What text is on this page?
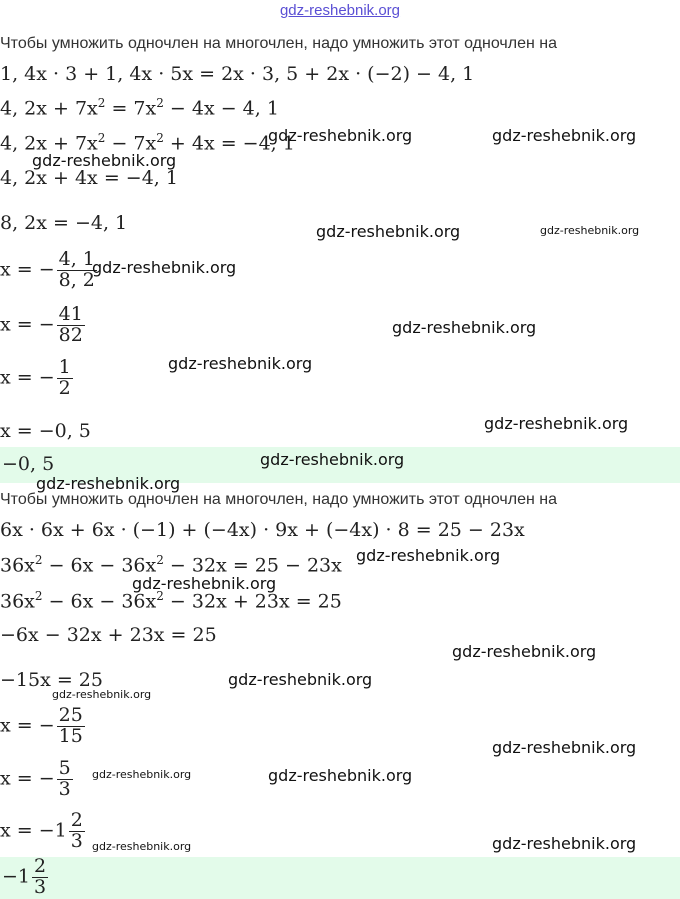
gdz-reshebnik.org
Чтобы умножить одночлен на многочлен, надо умножить этот одночлен на
1, 4x · 3 + 1, 4x · 5x = 2x · 3, 5 + 2x · (−2) − 4, 1
4, $2x + 7x^2 = 7x^2 - 4x - 4$, 1
4, $2x + 7x^2 - 7x^2 + 4x = -4$, 1
4, 2x + 4x = −4, 1
8, 2x = −4, 1
x = − $\frac{4, 1}{8, 2}$
x = − $\frac{41}{82}$
x = − $\frac{1}{2}$
x = −0, 5
−0, 5
Чтобы умножить одночлен на многочлен, надо умножить этот одночлен на
6x · 6x + 6x · (−1) + (−4x) · 9x + (−4x) · 8 = 25 − 23x
$36x^2 - 6x - 36x^2 - 32x = 25 - 23x$
$36x^2 - 6x - 36x^2 - 32x + 23x = 25$
−6x − 32x + 23x = 25
−15x = 25
x = − $\frac{25}{15}$
x = − $\frac{5}{3}$
$x = -1 \frac{2}{3}$
$-1 \frac{2}{3}$
gdz-reshebnik.org	gdz-reshebnik.org
gdz-reshebnik.org
gdz-reshebnik.org	gdz-reshebnik.org
gdz-reshebnik.org
gdz-reshebnik.org
gdz-reshebnik.org
gdz-reshebnik.org
gdz-reshebnik.org
gdz-reshebnik.org
gdz-reshebnik.org
gdz-reshebnik.org
gdz-reshebnik.org
gdz-reshebnik.org
gdz-reshebnik.org
gdz-reshebnik.org
gdz-reshebnik.org	gdz-reshebnik.org
gdz-reshebnik.org	gdz-reshebnik.org
